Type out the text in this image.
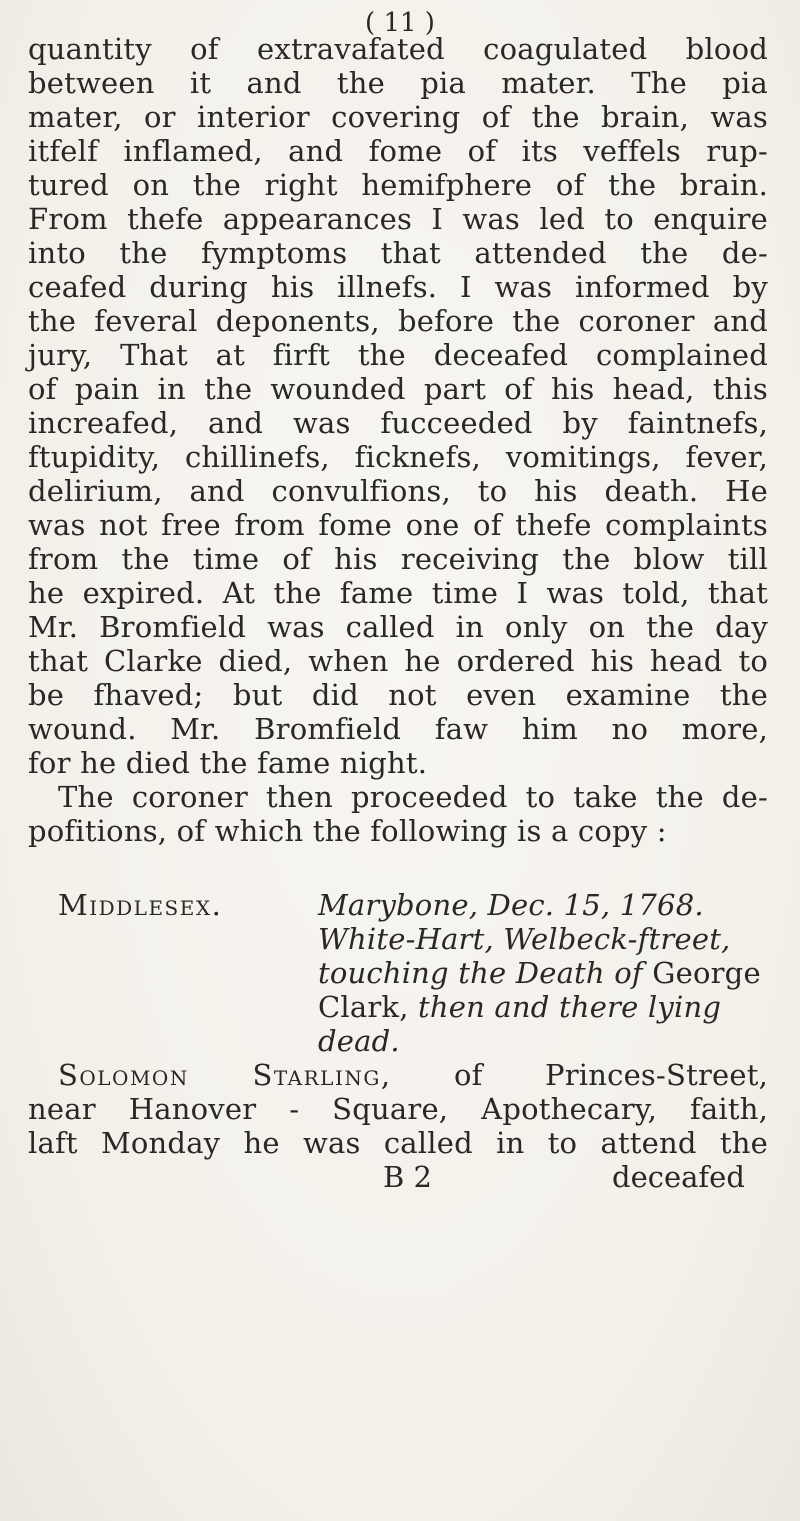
( 11 )
quantity of extravafated coagulated blood
between it and the pia mater. The pia
mater, or interior covering of the brain, was
itfelf inflamed, and fome of its veffels rup-
tured on the right hemifphere of the brain.
From thefe appearances I was led to enquire
into the fymptoms that attended the de-
ceafed during his illnefs. I was informed by
the feveral deponents, before the coroner and
jury, That at firft the deceafed complained
of pain in the wounded part of his head, this
increafed, and was fucceeded by faintnefs,
ftupidity, chillinefs, ficknefs, vomitings, fever,
delirium, and convulfions, to his death. He
was not free from fome one of thefe complaints
from the time of his receiving the blow till
he expired. At the fame time I was told, that
Mr. Bromfield was called in only on the day
that Clarke died, when he ordered his head to
be fhaved; but did not even examine the
wound. Mr. Bromfield faw him no more,
for he died the fame night.
The coroner then proceeded to take the de-
pofitions, of which the following is a copy :
Middlesex.	Marybone, Dec. 15, 1768.
White-Hart, Welbeck-ftreet,
touching the Death of George
Clark, then and there lying
dead.
Solomon Starling, of Princes-Street,
near Hanover - Square, Apothecary, faith,
laft Monday he was called in to attend the
B 2	deceafed
